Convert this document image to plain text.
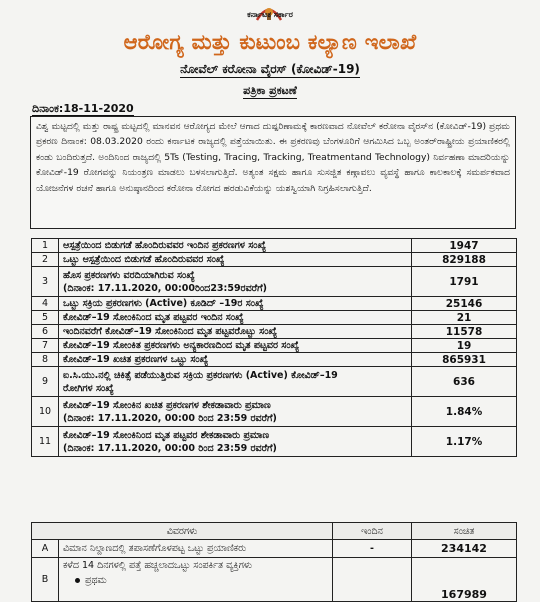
ಕರ್ನಾಟಕ ಸರ್ಕಾರ
ಆರೋಗ್ಯ ಮತ್ತು ಕುಟುಂಬ ಕಲ್ಯಾಣ ಇಲಾಖೆ
ನೋವೆಲ್ ಕರೋನಾ ವೈರಸ್ (ಕೋವಿಡ್-19)
ಪತ್ರಿಕಾ ಪ್ರಕಟಣೆ
ದಿನಾಂಕ:18-11-2020
ವಿಶ್ವ ಮಟ್ಟದಲ್ಲಿ ಮತ್ತು ರಾಷ್ಟ್ರ ಮಟ್ಟದಲ್ಲಿ ಮಾನವನ ಆರೋಗ್ಯದ ಮೇಲೆ ಆಗಾದ ದುಷ್ಪರಿಣಾಮಕ್ಕೆ ಕಾರಣವಾದ ನೋವೆಲ್ ಕರೋನಾ ವೈರಸ್‌ನ (ಕೋವಿಡ್-19) ಪ್ರಥಮ ಪ್ರಕರಣ ದಿನಾಂಕ: 08.03.2020 ರಂದು ಕರ್ನಾಟಕ ರಾಜ್ಯದಲ್ಲಿ ಪತ್ತೆಯಾಯಿತು. ಈ ಪ್ರಕರಣವು ಬೆಂಗಳೂರಿಗೆ ಆಗಮಿಸಿದ ಒಬ್ಬ ಅಂತರ್‌ರಾಷ್ಟ್ರೀಯ ಪ್ರಯಾಣಿಕರಲ್ಲಿ ಕಂಡು ಬಂದಿರುತ್ತದೆ. ಅಂದಿನಿಂದ ರಾಜ್ಯದಲ್ಲಿ 5Ts (Testing, Tracing, Tracking, Treatmentand Technology) ನಿರ್ವಹಣಾ ಮಾದರಿಯನ್ನು ಕೋವಿಡ್-19 ರೋಗವನ್ನು ನಿಯಂತ್ರಣ ಮಾಡಲು ಬಳಸಲಾಗುತ್ತಿದೆ. ಅತ್ಯಂತ ಸಕ್ಷಮ ಹಾಗೂ ಸುಸಜ್ಜಿತ ಕಣ್ಗಾವಲು ವ್ಯವಸ್ಥೆ ಹಾಗೂ ಕಾಲಕಾಲಕ್ಕೆ ಸಮರ್ಪಕವಾದ ಯೋಜನೆಗಳ ರಚನೆ ಹಾಗೂ ಅನುಷ್ಠಾನದಿಂದ ಕರೋನಾ ರೋಗದ ಹರಡುವಿಕೆಯನ್ನು ಯಶಸ್ವಿಯಾಗಿ ನಿಗ್ರಹಿಸಲಾಗುತ್ತಿದೆ.
1	ಆಸ್ಪತ್ರೆಯಿಂದ ಬಿಡುಗಡೆ ಹೊಂದಿರುವವರ ಇಂದಿನ ಪ್ರಕರಣಗಳ ಸಂಖ್ಯೆ	1947
2	ಒಟ್ಟು ಆಸ್ಪತ್ರೆಯಿಂದ ಬಿಡುಗಡೆ ಹೊಂದಿರುವವರ ಸಂಖ್ಯೆ	829188
3	ಹೊಸ ಪ್ರಕರಣಗಳು ವರದಿಯಾಗಿರುವ ಸಂಖ್ಯೆ
(ದಿನಾಂಕ: 17.11.2020, 00:00ರಿಂದ23:59ರವರೆಗೆ)	1791
4	ಒಟ್ಟು ಸಕ್ರಿಯ ಪ್ರಕರಣಗಳು (Active) ಕೂಡಿದ್ –19ರ ಸಂಖ್ಯೆ	25146
5	ಕೋವಿಡ್–19 ಸೋಂಕಿನಿಂದ ಮೃತ ಪಟ್ಟವರ ಇಂದಿನ ಸಂಖ್ಯೆ	21
6	ಇಂದಿನವರೆಗೆ ಕೋವಿಡ್–19 ಸೋಂಕಿನಿಂದ ಮೃತ ಪಟ್ಟವರೊಟ್ಟು ಸಂಖ್ಯೆ	11578
7	ಕೋವಿಡ್–19 ಸೋಂಕಿತ ಪ್ರಕರಣಗಳು ಅನ್ಯಕಾರಣದಿಂದ ಮೃತ ಪಟ್ಟವರ ಸಂಖ್ಯೆ	19
8	ಕೋವಿಡ್–19 ಖಚಿತ ಪ್ರಕರಣಗಳ ಒಟ್ಟು ಸಂಖ್ಯೆ	865931
9	ಐ.ಸಿ.ಯು.ನಲ್ಲಿ ಚಿಕಿತ್ಸೆ ಪಡೆಯುತ್ತಿರುವ ಸಕ್ರಿಯ ಪ್ರಕರಣಗಳು (Active) ಕೋವಿಡ್–19
ರೋಗಿಗಳ ಸಂಖ್ಯೆ	636
10	ಕೋವಿಡ್–19 ಸೋಂಕಿನ ಖಚಿತ ಪ್ರಕರಣಗಳ ಶೇಕಡಾವಾರು ಪ್ರಮಾಣ
(ದಿನಾಂಕ: 17.11.2020, 00:00 ರಿಂದ 23:59 ರವರೆಗೆ)	1.84%
11	ಕೋವಿಡ್–19 ಸೋಂಕಿನಿಂದ ಮೃತ ಪಟ್ಟವರ ಶೇಕಡಾವಾರು ಪ್ರಮಾಣ
(ದಿನಾಂಕ: 17.11.2020, 00:00 ರಿಂದ 23:59 ರವರೆಗೆ)	1.17%
ವಿವರಗಳು		ಇಂದಿನ	ಸಂಚಿತ
A	ವಿಮಾನ ನಿಲ್ದಾಣದಲ್ಲಿ ತಪಾಸಣೆಗೊಳಪಟ್ಟ ಒಟ್ಟು ಪ್ರಯಾಣಿಕರು	-	234142
B	ಕಳೆದ 14 ದಿನಗಳಲ್ಲಿ ಪತ್ತೆ ಹಚ್ಚಲಾದಒಟ್ಟು ಸಂಪರ್ಕಿತ ವ್ಯಕ್ತಿಗಳು
ಪ್ರಥಮ		167989
